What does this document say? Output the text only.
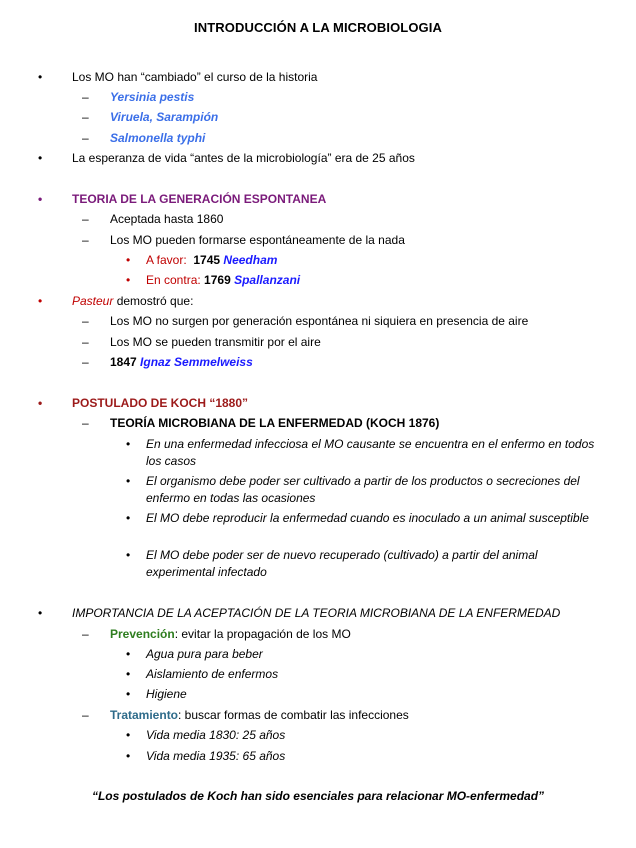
INTRODUCCIÓN A LA MICROBIOLOGIA
• Los MO han “cambiado” el curso de la historia
– Yersinia pestis
– Viruela, Sarampión
– Salmonella typhi
• La esperanza de vida “antes de la microbiología” era de 25 años
• TEORIA DE LA GENERACIÓN ESPONTANEA
– Aceptada hasta 1860
– Los MO pueden formarse espontáneamente de la nada
• A favor: 1745 Needham
• En contra: 1769 Spallanzani
• Pasteur demostró que:
– Los MO no surgen por generación espontánea ni siquiera en presencia de aire
– Los MO se pueden transmitir por el aire
– 1847 Ignaz Semmelweiss
• POSTULADO DE KOCH “1880”
– TEORÍA MICROBIANA DE LA ENFERMEDAD (KOCH 1876)
• En una enfermedad infecciosa el MO causante se encuentra en el enfermo en todos los casos
• El organismo debe poder ser cultivado a partir de los productos o secreciones del enfermo en todas las ocasiones
• El MO debe reproducir la enfermedad cuando es inoculado a un animal susceptible
• El MO debe poder ser de nuevo recuperado (cultivado) a partir del animal experimental infectado
• IMPORTANCIA DE LA ACEPTACIÓN DE LA TEORIA MICROBIANA DE LA ENFERMEDAD
– Prevención: evitar la propagación de los MO
• Agua pura para beber
• Aislamiento de enfermos
• Higiene
– Tratamiento: buscar formas de combatir las infecciones
• Vida media 1830: 25 años
• Vida media 1935: 65 años
“Los postulados de Koch han sido esenciales para relacionar MO-enfermedad”
